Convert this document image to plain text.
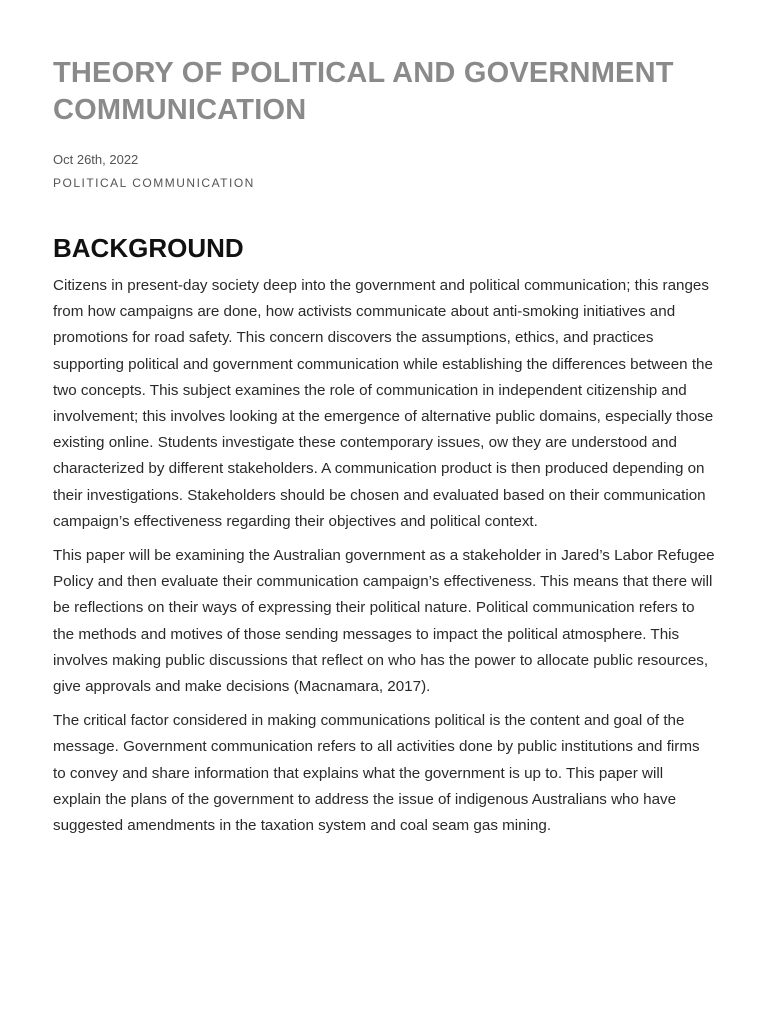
THEORY OF POLITICAL AND GOVERNMENT COMMUNICATION
Oct 26th, 2022
POLITICAL COMMUNICATION
BACKGROUND

Citizens in present-day society deep into the government and political communication; this ranges from how campaigns are done, how activists communicate about anti-smoking initiatives and promotions for road safety. This concern discovers the assumptions, ethics, and practices supporting political and government communication while establishing the differences between the two concepts. This subject examines the role of communication in independent citizenship and involvement; this involves looking at the emergence of alternative public domains, especially those existing online. Students investigate these contemporary issues, ow they are understood and characterized by different stakeholders. A communication product is then produced depending on their investigations. Stakeholders should be chosen and evaluated based on their communication campaign’s effectiveness regarding their objectives and political context.

This paper will be examining the Australian government as a stakeholder in Jared’s Labor Refugee Policy and then evaluate their communication campaign’s effectiveness. This means that there will be reflections on their ways of expressing their political nature. Political communication refers to the methods and motives of those sending messages to impact the political atmosphere. This involves making public discussions that reflect on who has the power to allocate public resources, give approvals and make decisions (Macnamara, 2017).

The critical factor considered in making communications political is the content and goal of the message. Government communication refers to all activities done by public institutions and firms to convey and share information that explains what the government is up to. This paper will explain the plans of the government to address the issue of indigenous Australians who have suggested amendments in the taxation system and coal seam gas mining.
